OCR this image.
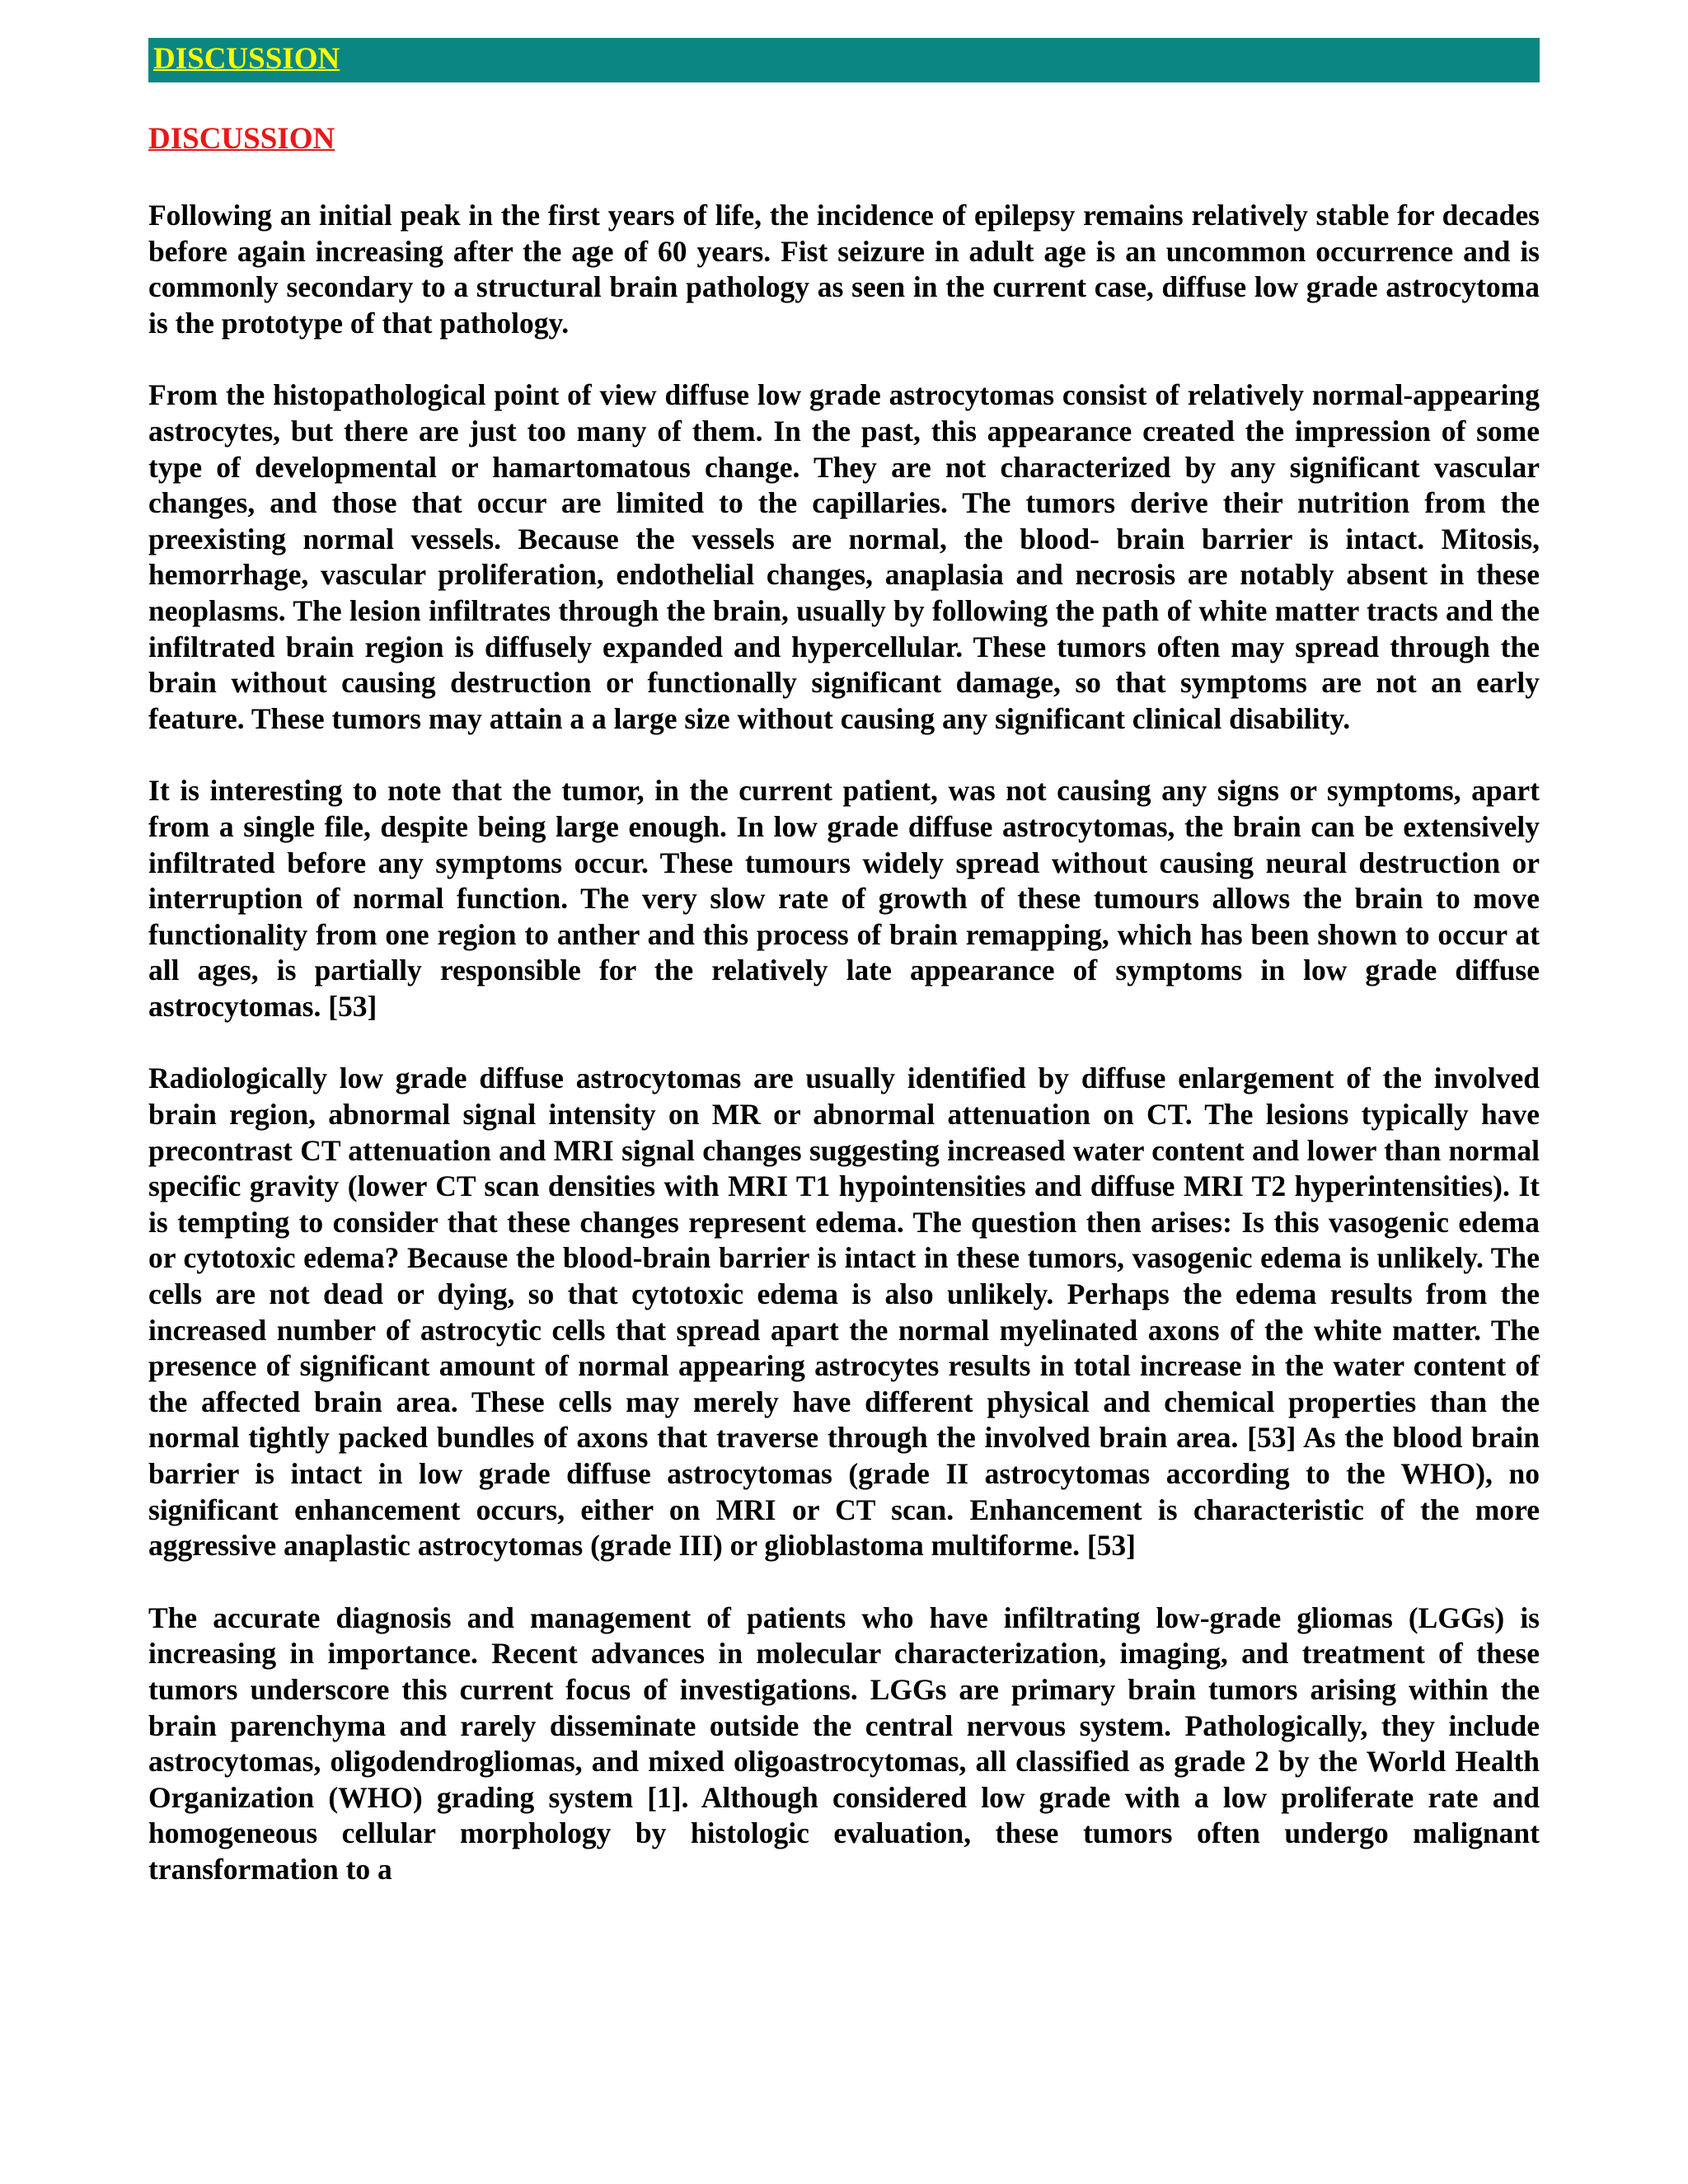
DISCUSSION
DISCUSSION

Following an initial peak in the first years of life, the incidence of epilepsy remains relatively stable for decades before again increasing after the age of 60 years. Fist seizure in adult age is an uncommon occurrence and is commonly secondary to a structural brain pathology as seen in the current case, diffuse low grade astrocytoma is the prototype of that pathology.

From the histopathological point of view diffuse low grade astrocytomas consist of relatively normal-appearing astrocytes, but there are just too many of them. In the past, this appearance created the impression of some type of developmental or hamartomatous change. They are not characterized by any significant vascular changes, and those that occur are limited to the capillaries. The tumors derive their nutrition from the preexisting normal vessels. Because the vessels are normal, the blood- brain barrier is intact. Mitosis, hemorrhage, vascular proliferation, endothelial changes, anaplasia and necrosis are notably absent in these neoplasms. The lesion infiltrates through the brain, usually by following the path of white matter tracts and the infiltrated brain region is diffusely expanded and hypercellular. These tumors often may spread through the brain without causing destruction or functionally significant damage, so that symptoms are not an early feature. These tumors may attain a a large size without causing any significant clinical disability.

It is interesting to note that the tumor, in the current patient, was not causing any signs or symptoms, apart from a single file, despite being large enough. In low grade diffuse astrocytomas, the brain can be extensively infiltrated before any symptoms occur. These tumours widely spread without causing neural destruction or interruption of normal function. The very slow rate of growth of these tumours allows the brain to move functionality from one region to anther and this process of brain remapping, which has been shown to occur at all ages, is partially responsible for the relatively late appearance of symptoms in low grade diffuse astrocytomas. [53]

Radiologically low grade diffuse astrocytomas are usually identified by diffuse enlargement of the involved brain region, abnormal signal intensity on MR or abnormal attenuation on CT. The lesions typically have precontrast CT attenuation and MRI signal changes suggesting increased water content and lower than normal specific gravity (lower CT scan densities with MRI T1 hypointensities and diffuse MRI T2 hyperintensities). It is tempting to consider that these changes represent edema. The question then arises: Is this vasogenic edema or cytotoxic edema? Because the blood-brain barrier is intact in these tumors, vasogenic edema is unlikely. The cells are not dead or dying, so that cytotoxic edema is also unlikely. Perhaps the edema results from the increased number of astrocytic cells that spread apart the normal myelinated axons of the white matter. The presence of significant amount of normal appearing astrocytes results in total increase in the water content of the affected brain area. These cells may merely have different physical and chemical properties than the normal tightly packed bundles of axons that traverse through the involved brain area. [53] As the blood brain barrier is intact in low grade diffuse astrocytomas (grade II astrocytomas according to the WHO), no significant enhancement occurs, either on MRI or CT scan. Enhancement is characteristic of the more aggressive anaplastic astrocytomas (grade III) or glioblastoma multiforme. [53]

The accurate diagnosis and management of patients who have infiltrating low-grade gliomas (LGGs) is increasing in importance. Recent advances in molecular characterization, imaging, and treatment of these tumors underscore this current focus of investigations. LGGs are primary brain tumors arising within the brain parenchyma and rarely disseminate outside the central nervous system. Pathologically, they include astrocytomas, oligodendrogliomas, and mixed oligoastrocytomas, all classified as grade 2 by the World Health Organization (WHO) grading system [1]. Although considered low grade with a low proliferate rate and homogeneous cellular morphology by histologic evaluation, these tumors often undergo malignant transformation to a
